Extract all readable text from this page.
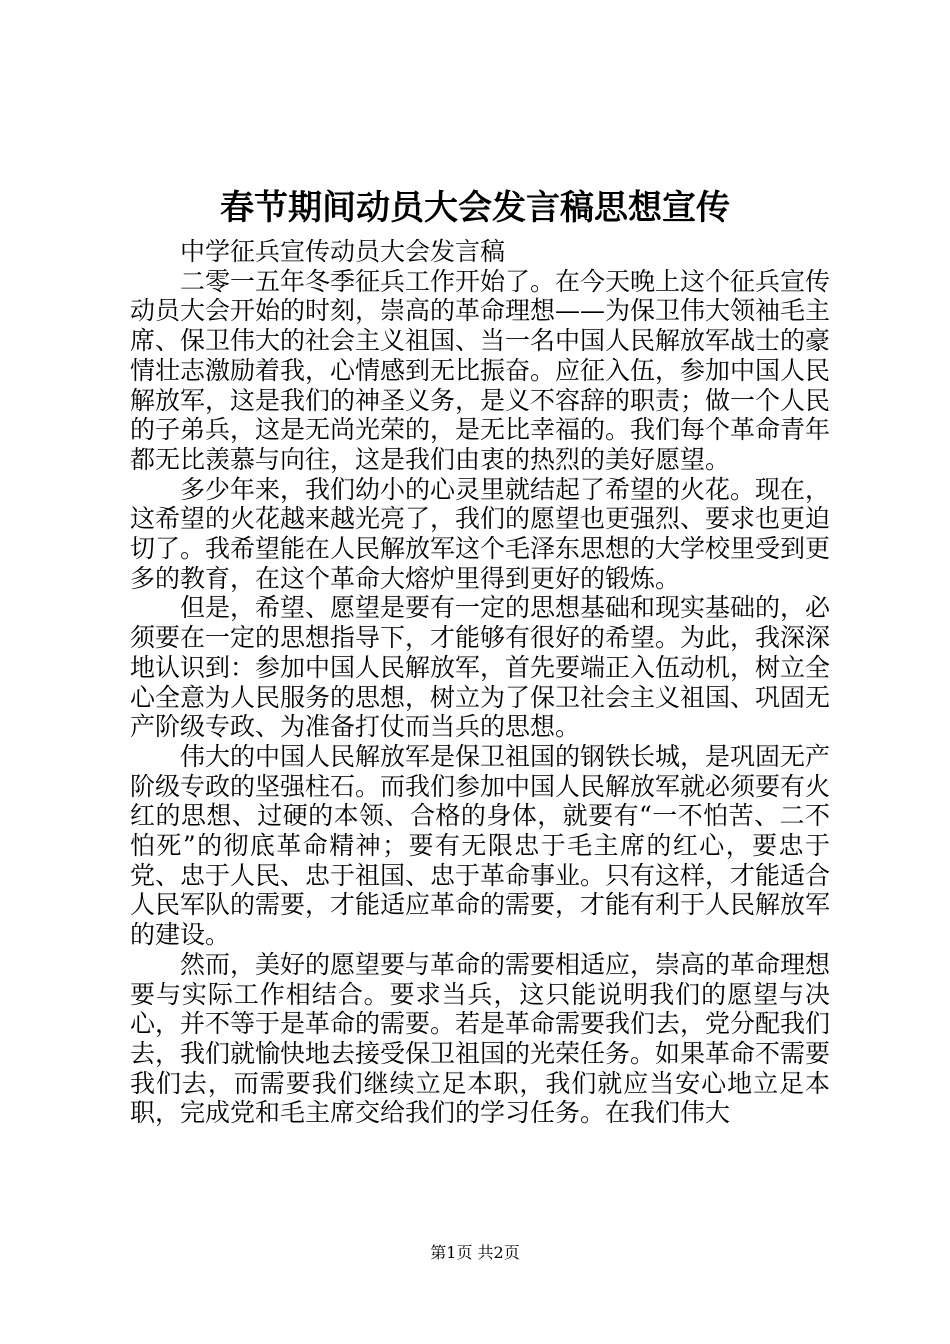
春节期间动员大会发言稿思想宣传

中学征兵宣传动员大会发言稿

二零一五年冬季征兵工作开始了。在今天晚上这个征兵宣传动员大会开始的时刻，崇高的革命理想——为保卫伟大领袖毛主席、保卫伟大的社会主义祖国、当一名中国人民解放军战士的豪情壮志激励着我，心情感到无比振奋。应征入伍，参加中国人民解放军，这是我们的神圣义务，是义不容辞的职责；做一个人民的子弟兵，这是无尚光荣的，是无比幸福的。我们每个革命青年都无比羡慕与向往，这是我们由衷的热烈的美好愿望。

多少年来，我们幼小的心灵里就结起了希望的火花。现在，这希望的火花越来越光亮了，我们的愿望也更强烈、要求也更迫切了。我希望能在人民解放军这个毛泽东思想的大学校里受到更多的教育，在这个革命大熔炉里得到更好的锻炼。

但是，希望、愿望是要有一定的思想基础和现实基础的，必须要在一定的思想指导下，才能够有很好的希望。为此，我深深地认识到：参加中国人民解放军，首先要端正入伍动机，树立全心全意为人民服务的思想，树立为了保卫社会主义祖国、巩固无产阶级专政、为准备打仗而当兵的思想。

伟大的中国人民解放军是保卫祖国的钢铁长城，是巩固无产阶级专政的坚强柱石。而我们参加中国人民解放军就必须要有火红的思想、过硬的本领、合格的身体，就要有“一不怕苦、二不怕死”的彻底革命精神；要有无限忠于毛主席的红心，要忠于党、忠于人民、忠于祖国、忠于革命事业。只有这样，才能适合人民军队的需要，才能适应革命的需要，才能有利于人民解放军的建设。

然而，美好的愿望要与革命的需要相适应，崇高的革命理想要与实际工作相结合。要求当兵，这只能说明我们的愿望与决心，并不等于是革命的需要。若是革命需要我们去，党分配我们去，我们就愉快地去接受保卫祖国的光荣任务。如果革命不需要我们去，而需要我们继续立足本职，我们就应当安心地立足本职，完成党和毛主席交给我们的学习任务。在我们伟大

第1页 共2页
